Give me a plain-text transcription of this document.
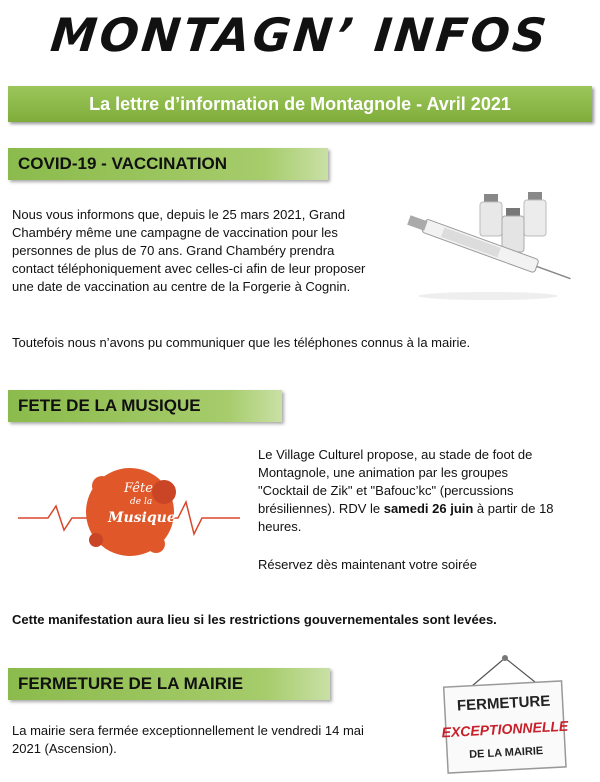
MONTAGN’ INFOS
La lettre d’information de Montagnole - Avril 2021
COVID-19 - VACCINATION

Nous vous informons que, depuis le 25 mars 2021, Grand Chambéry même une campagne de vaccination pour les personnes de plus de 70 ans. Grand Chambéry prendra contact téléphoniquement avec celles-ci afin de leur proposer une date de vaccination au centre de la Forgerie à Cognin.

Toutefois nous n’avons pu communiquer que les téléphones connus à la mairie.

FETE DE LA MUSIQUE
Fête
de la
Musique

Le Village Culturel propose, au stade de foot de Montagnole, une animation par les groupes "Cocktail de Zik" et "Bafouc’kc" (percussions brésiliennes). RDV le samedi 26 juin à partir de 18 heures.

Réservez dès maintenant votre soirée

Cette manifestation aura lieu si les restrictions gouvernementales sont levées.

FERMETURE DE LA MAIRIE

La mairie sera fermée exceptionnellement le vendredi 14 mai 2021 (Ascension).

FERMETURE
EXCEPTIONNELLE
DE LA MAIRIE
